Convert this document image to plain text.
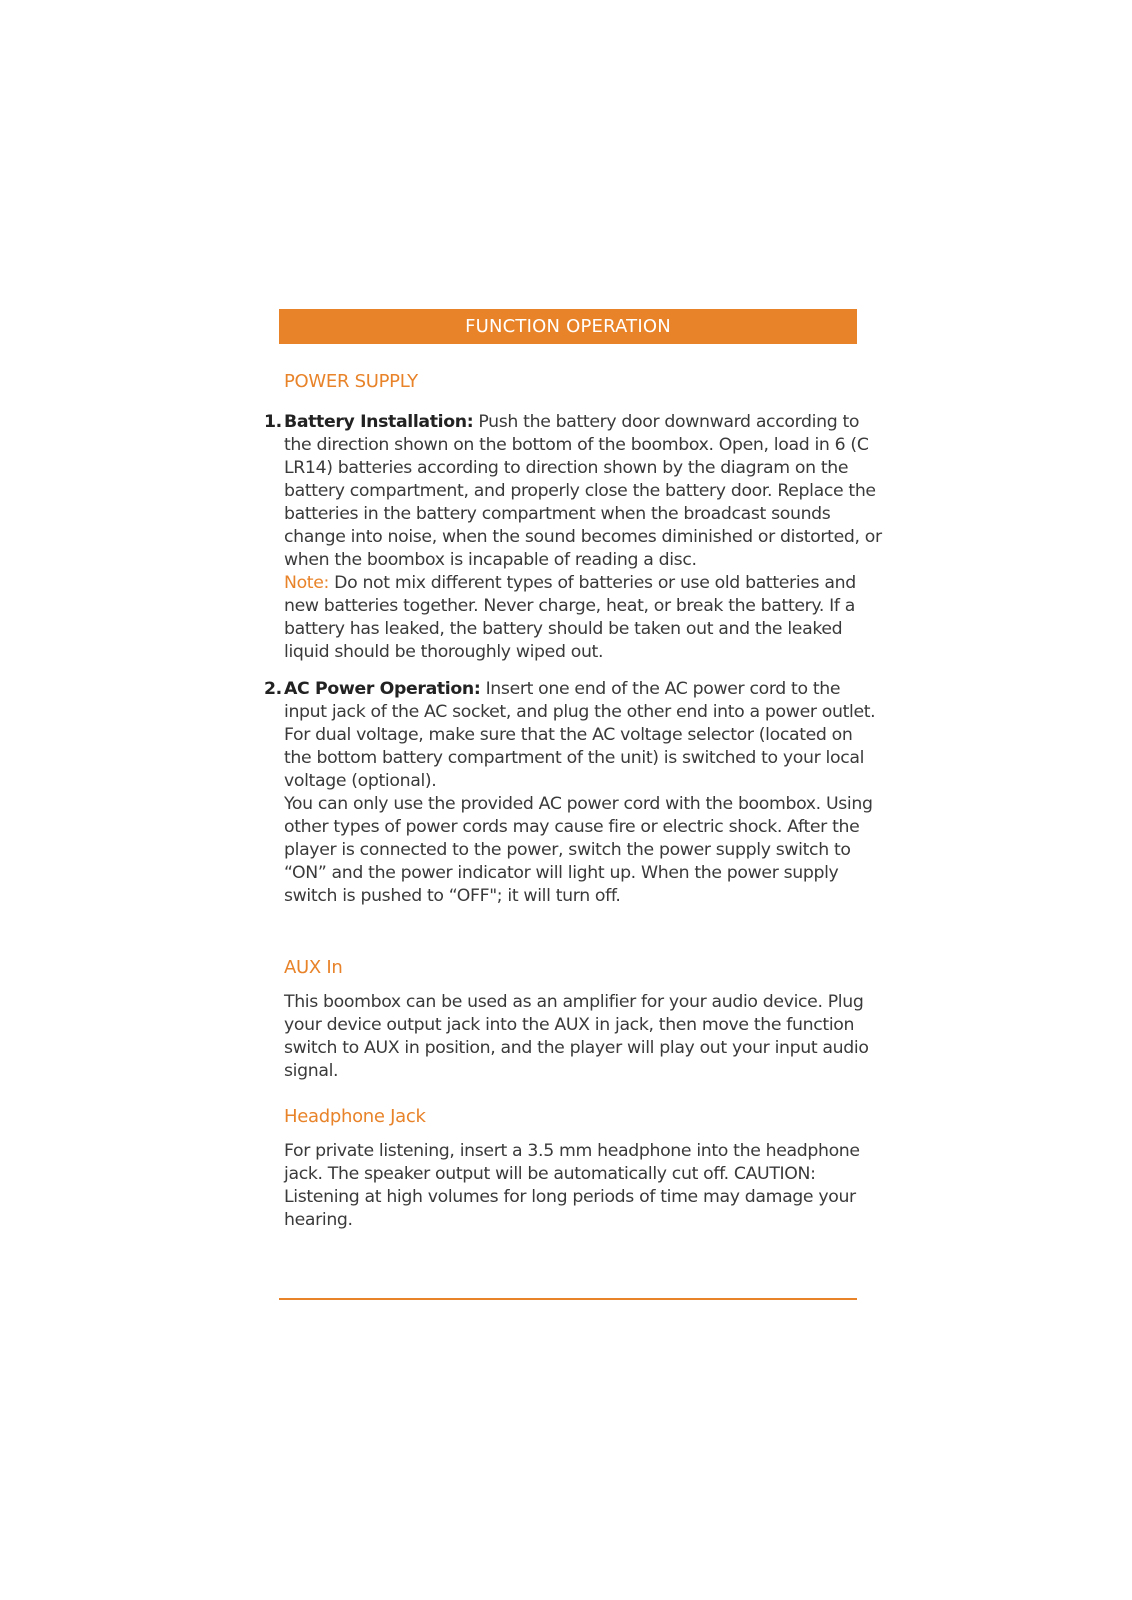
FUNCTION OPERATION
POWER SUPPLY
1. Battery Installation: Push the battery door downward according to the direction shown on the bottom of the boombox. Open, load in 6 (C LR14) batteries according to direction shown by the diagram on the battery compartment, and properly close the battery door. Replace the batteries in the battery compartment when the broadcast sounds change into noise, when the sound becomes diminished or distorted, or when the boombox is incapable of reading a disc.

Note: Do not mix different types of batteries or use old batteries and new batteries together. Never charge, heat, or break the battery. If a battery has leaked, the battery should be taken out and the leaked liquid should be thoroughly wiped out.

2. AC Power Operation: Insert one end of the AC power cord to the input jack of the AC socket, and plug the other end into a power outlet. For dual voltage, make sure that the AC voltage selector (located on the bottom battery compartment of the unit) is switched to your local voltage (optional).

You can only use the provided AC power cord with the boombox. Using other types of power cords may cause fire or electric shock. After the player is connected to the power, switch the power supply switch to “ON” and the power indicator will light up. When the power supply switch is pushed to “OFF"; it will turn off.

AUX In

This boombox can be used as an amplifier for your audio device. Plug your device output jack into the AUX in jack, then move the function switch to AUX in position, and the player will play out your input audio signal.

Headphone Jack

For private listening, insert a 3.5 mm headphone into the headphone jack. The speaker output will be automatically cut off. CAUTION: Listening at high volumes for long periods of time may damage your hearing.
